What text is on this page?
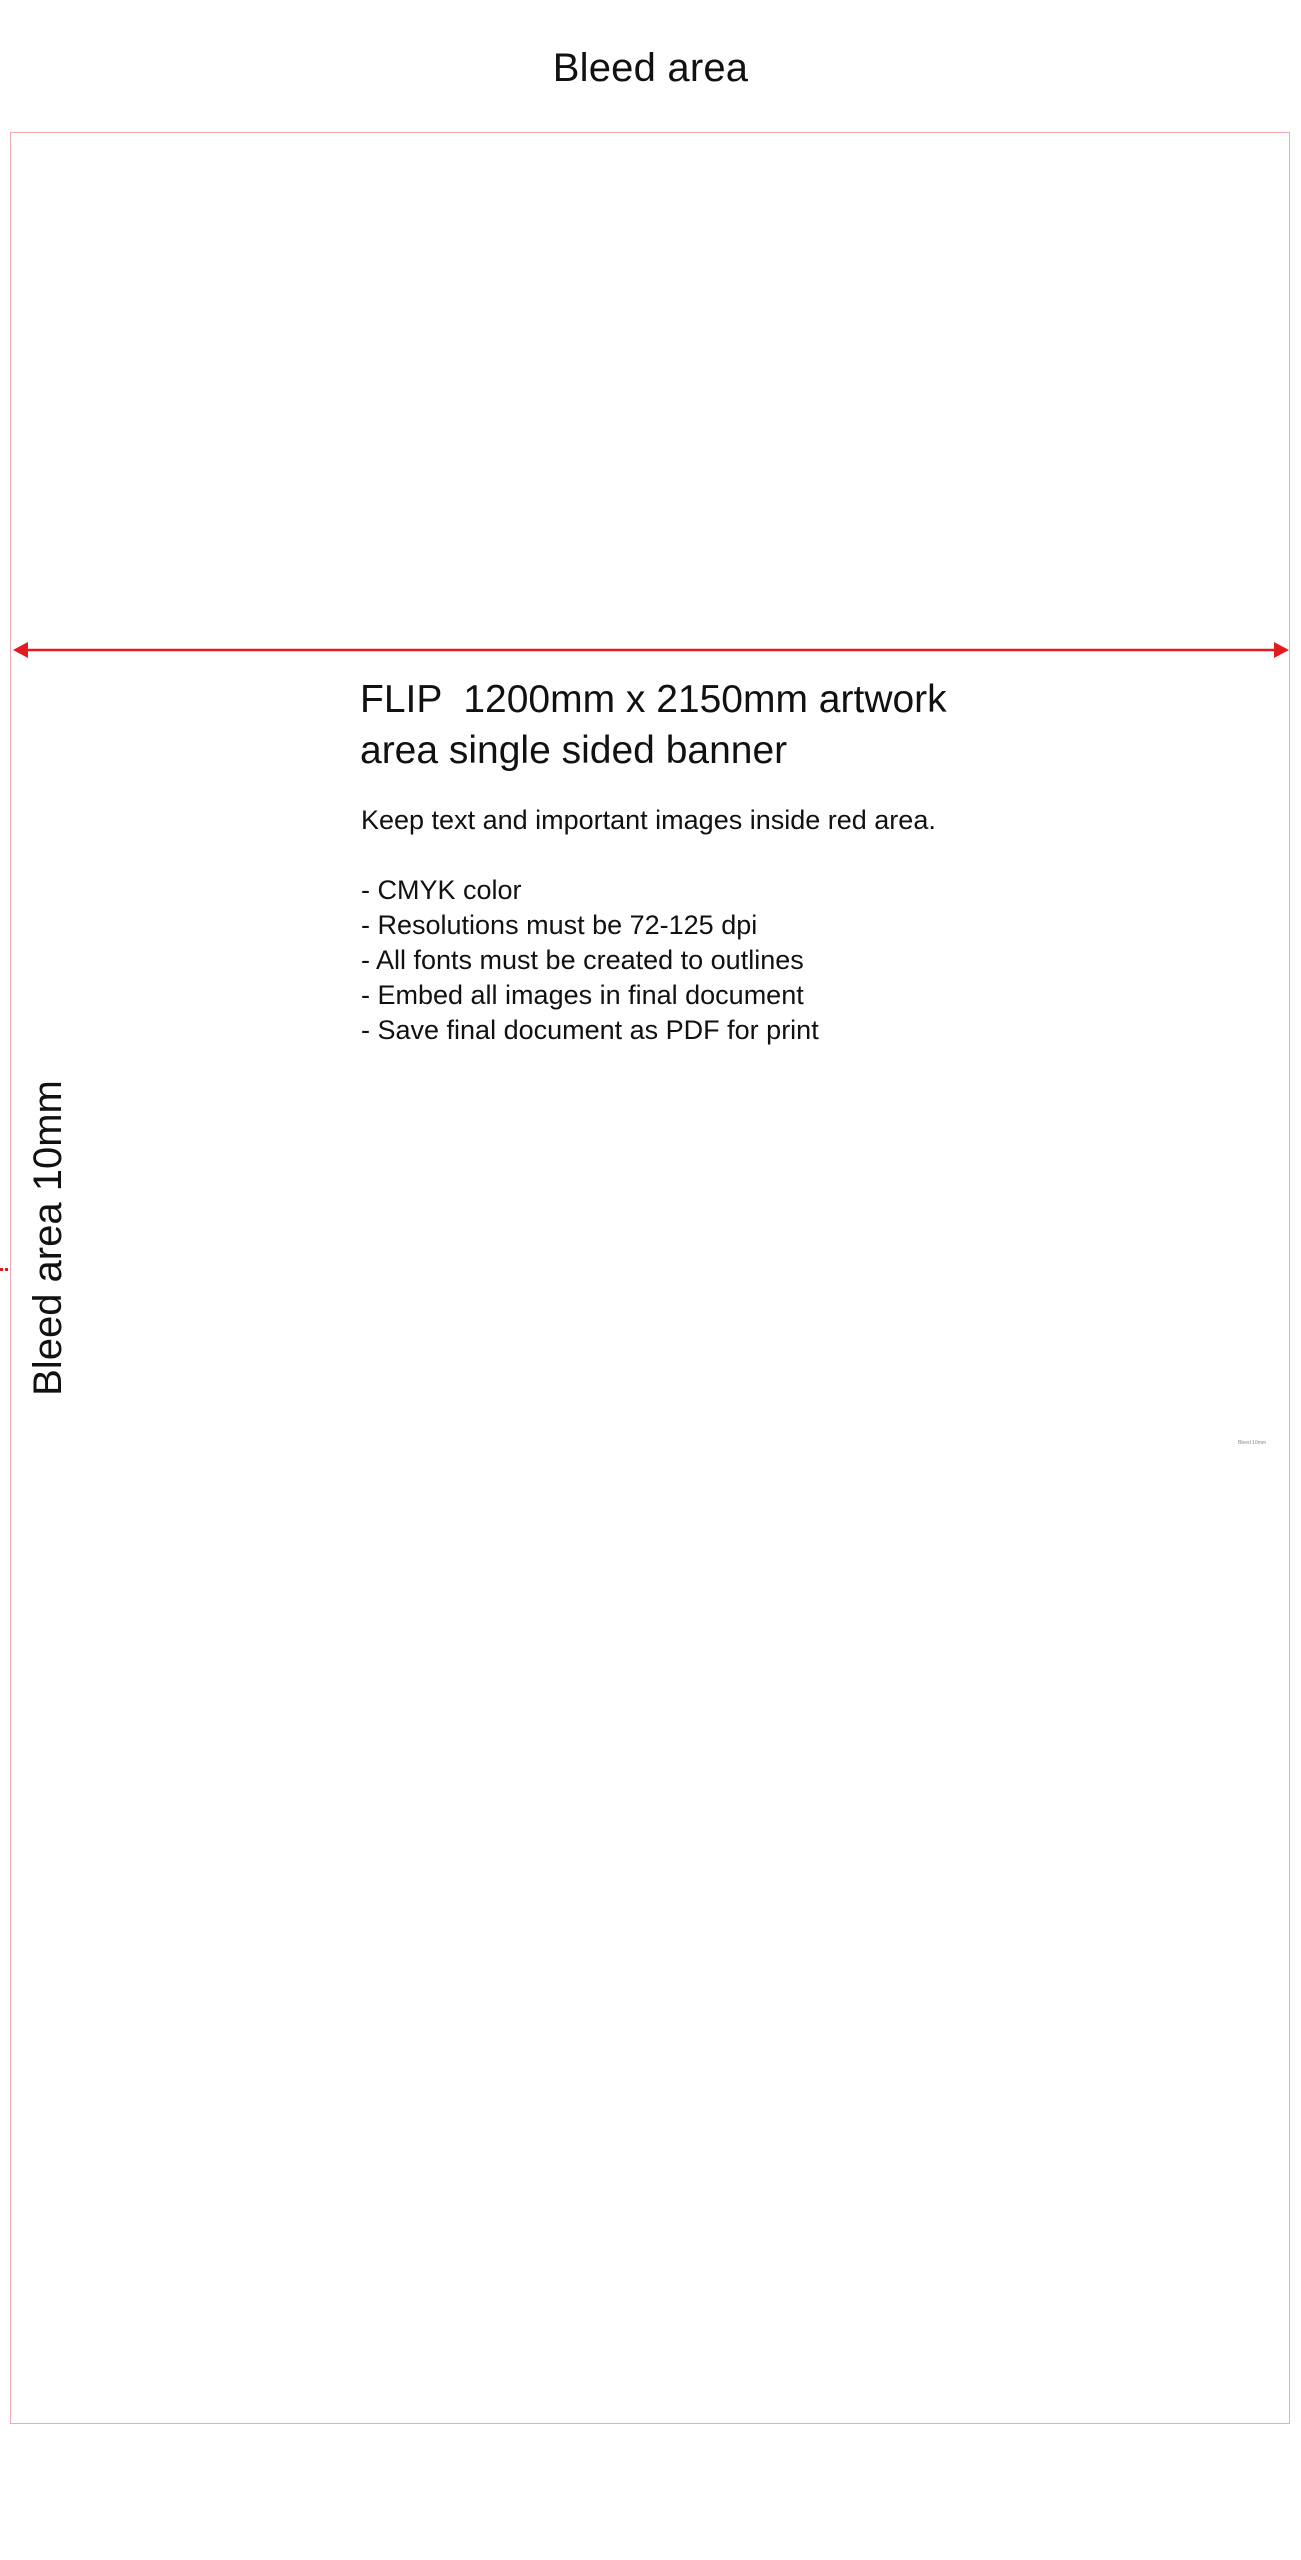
Bleed area
Bleed area 10mm

FLIP  1200mm x 2150mm artwork

area single sided banner

Keep text and important images inside red area.

- CMYK color
- Resolutions must be 72-125 dpi
- All fonts must be created to outlines
- Embed all images in final document
- Save final document as PDF for print
Bleed 10mm
